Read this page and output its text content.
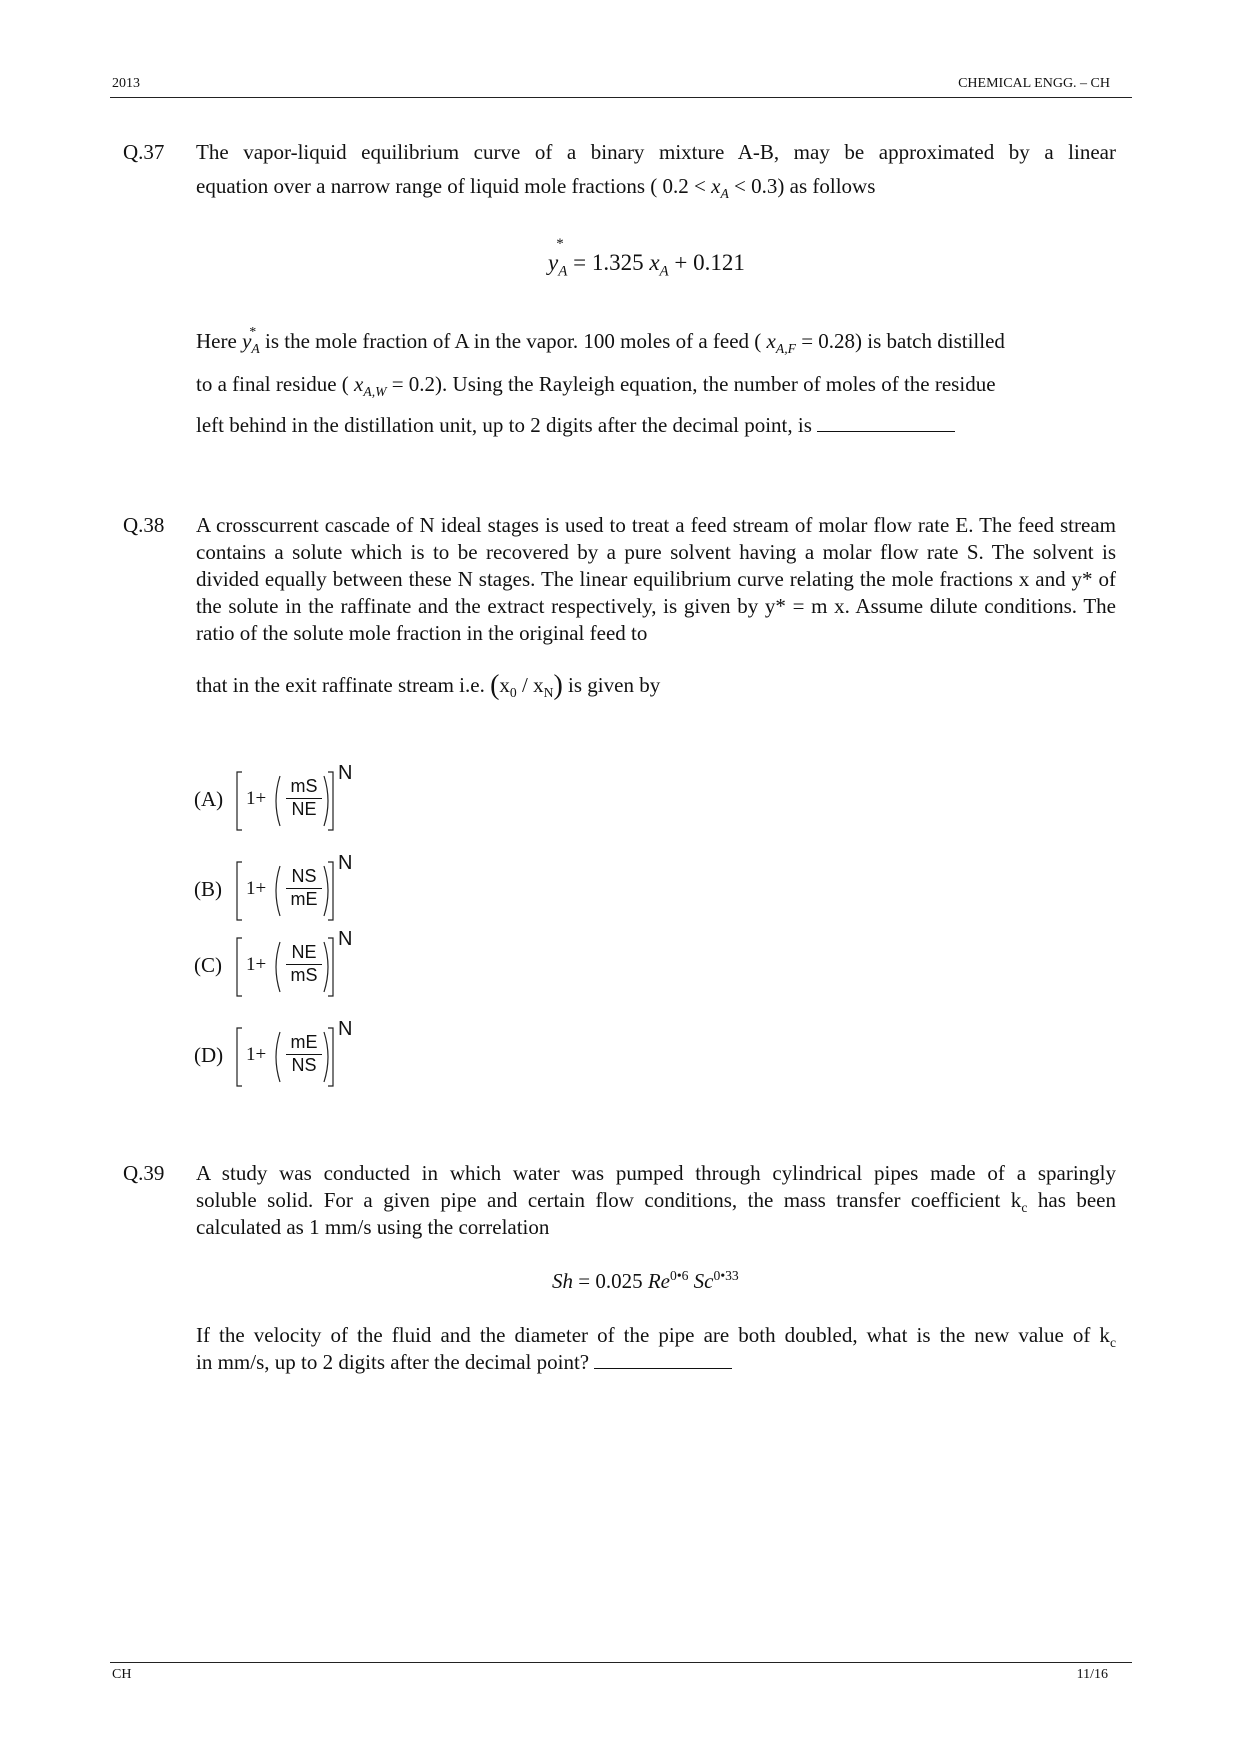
2013	CHEMICAL ENGG. – CH
Q.37 The vapor-liquid equilibrium curve of a binary mixture A-B, may be approximated by a linear
equation over a narrow range of liquid mole fractions ( $0.2 < x_A < 0.3$) as follows
y
*
$_A$ = 1.325 $x_A + 0.121$
Here y
*
$_A$ is the mole fraction of A in the vapor. 100 moles of a feed ( $x_{A,F} = 0.28$) is batch distilled
to a final residue ( $x_{A,W} = 0.2$). Using the Rayleigh equation, the number of moles of the residue
left behind in the distillation unit, up to 2 digits after the decimal point, is
Q.38 A crosscurrent cascade of N ideal stages is used to treat a feed stream of molar flow rate E. The feed stream contains a solute which is to be recovered by a pure solvent having a molar flow rate S. The solvent is divided equally between these N stages. The linear equilibrium curve relating the mole fractions x and y* of the solute in the raffinate and the extract respectively, is given by y* = m x. Assume dilute conditions. The ratio of the solute mole fraction in the original feed to
that in the exit raffinate stream i.e. $(x_0 / x_N)$ is given by
(A) $1+ \frac{mS}{NE}$
N
(B) $1+ \frac{NS}{mE}$
N
(C) $1+ \frac{NE}{mS}$
N
(D) $1+ \frac{mE}{NS}$
N
Q.39 A study was conducted in which water was pumped through cylindrical pipes made of a sparingly
soluble solid. For a given pipe and certain flow conditions, the mass transfer coefficient $k_c$ has been
calculated as 1 mm/s using the correlation
Sh = 0.025 $Re^{0•6}$ $Sc^{0•33}$
If the velocity of the fluid and the diameter of the pipe are both doubled, what is the new value of $k_c$
in mm/s, up to 2 digits after the decimal point?
CH	11/16
